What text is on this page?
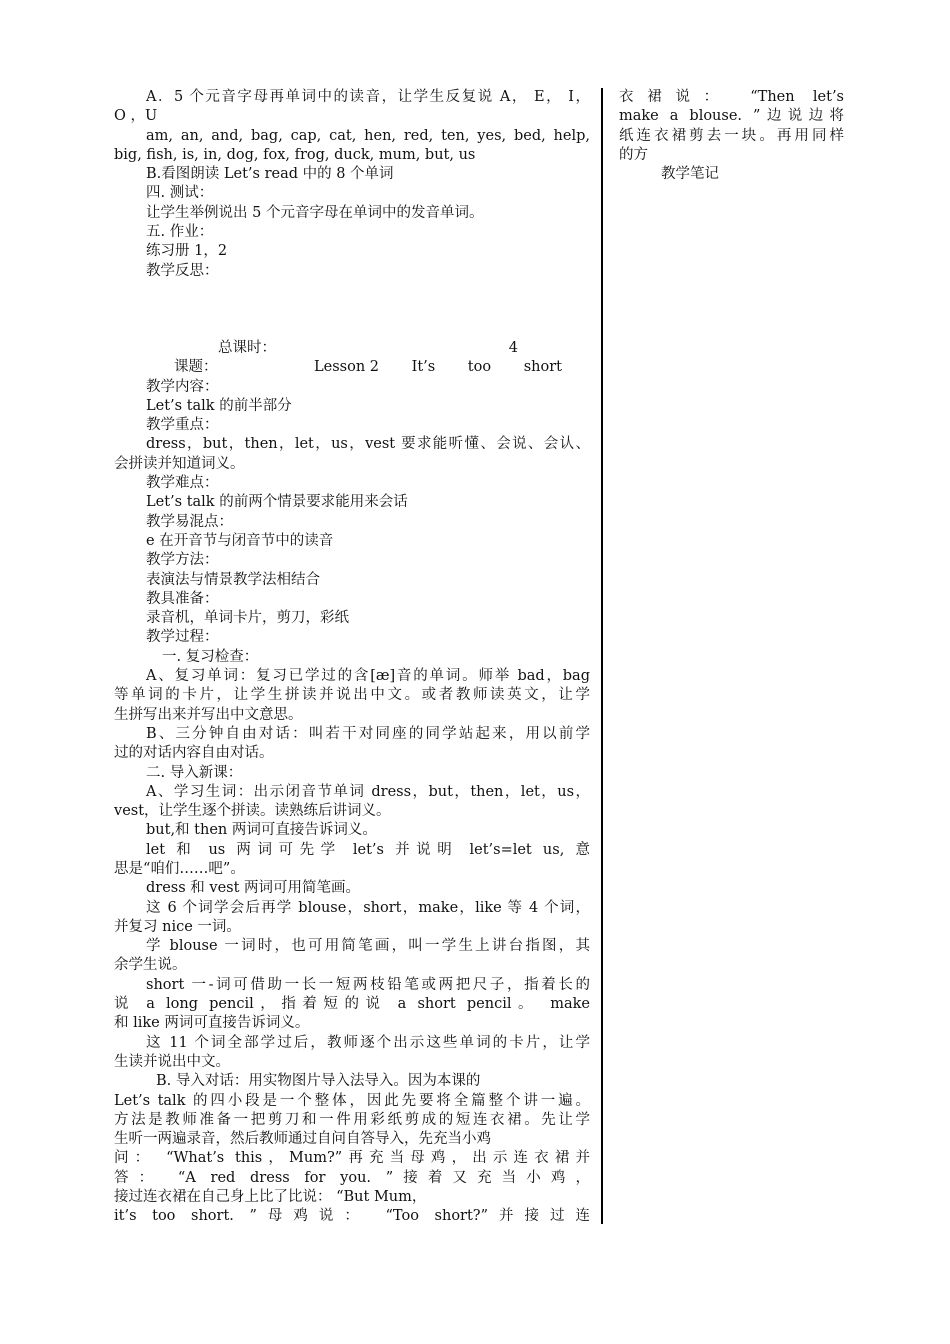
A．5 个元音字母再单词中的读音，让学生反复说 A， E， I，
O ，U
am, an, and, bag, cap, cat, hen, red, ten, yes, bed, help,
big, fish, is, in, dog, fox, frog, duck, mum, but, us
B.看图朗读 Let’s read 中的 8 个单词
四. 测试：
让学生举例说出 5 个元音字母在单词中的发音单词。
五. 作业：
练习册 1，2
教学反思：
总课时：	4
课题：	Lesson 2 It’s too short
教学内容：
Let’s talk 的前半部分
教学重点：
dress，but，then，let，us，vest 要求能听懂、会说、会认、
会拼读并知道词义。
教学难点：
Let’s talk 的前两个情景要求能用来会话
教学易混点：
e 在开音节与闭音节中的读音
教学方法：
表演法与情景教学法相结合
教具准备：
录音机，单词卡片，剪刀，彩纸
教学过程：
一. 复习检查：
A、复习单词：复习已学过的含[æ]音的单词。师举 bad，bag
等单词的卡片，让学生拼读并说出中文。或者教师读英文，让学
生拼写出来并写出中文意思。
B、三分钟自由对话：叫若干对同座的同学站起来，用以前学
过的对话内容自由对话。
二. 导入新课：
A、学习生词：出示闭音节单词 dress，but，then，let，us，
vest，让学生逐个拼读。读熟练后讲词义。
but,和 then 两词可直接告诉词义。
let 和 us 两词可先学 let’s 并说明 let’s=let us, 意
思是“咱们……吧”。
dress 和 vest 两词可用简笔画。
这 6 个词学会后再学 blouse，short，make，like 等 4 个词，
并复习 nice 一词。
学 blouse 一词时，也可用简笔画，叫一学生上讲台指图，其
余学生说。
short 一-词可借助一长一短两枝铅笔或两把尺子，指着长的
说 a long pencil，指着短的说 a short pencil。 make
和 like 两词可直接告诉词义。
这 11 个词全部学过后，教师逐个出示这些单词的卡片，让学
生读并说出中文。
B. 导入对话：用实物图片导入法导入。因为本课的
Let’s talk 的四小段是一个整体，因此先要将全篇整个讲一遍。
方法是教师准备一把剪刀和一件用彩纸剪成的短连衣裙。先让学
生听一两遍录音，然后教师通过自问自答导入，先充当小鸡
问： “What’s this，Mum?”再充当母鸡，出示连衣裙并
答： “A red dress for you. ”接着又充当小鸡，
接过连衣裙在自己身上比了比说： “But Mum，
it’s too short. ”母鸡说： “Too short?”并接过连
衣裙说： “Then let’s
make a blouse. ”边说边将
纸连衣裙剪去一块。再用同样
的方
教学笔记
